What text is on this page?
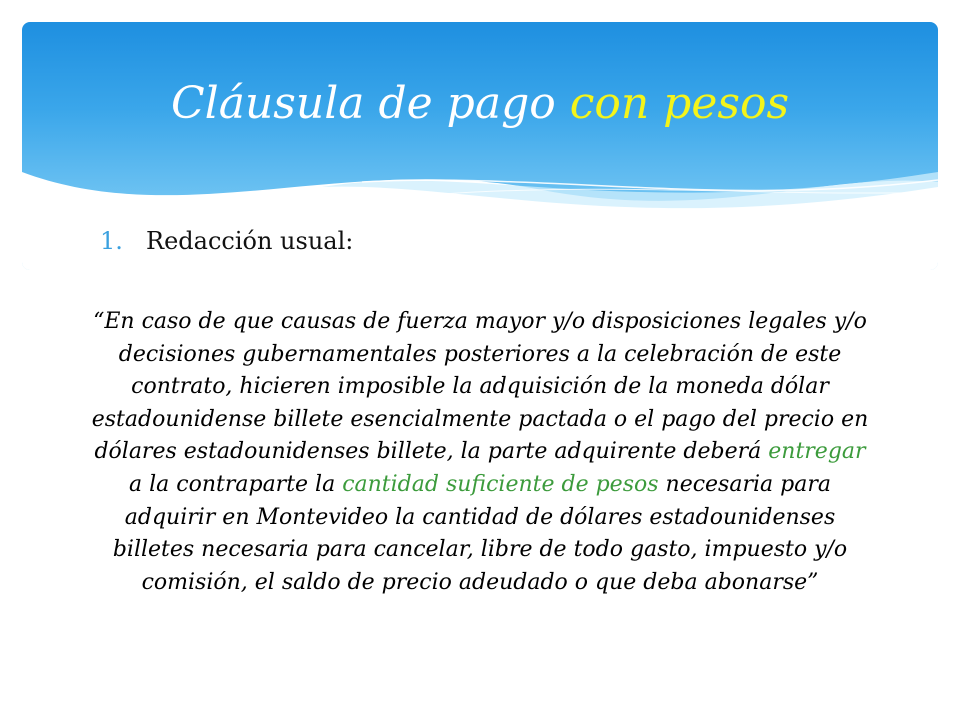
Cláusula de pago con pesos
1. Redacción usual:
“En caso de que causas de fuerza mayor y/o disposiciones legales y/o decisiones gubernamentales posteriores a la celebración de este contrato, hicieren imposible la adquisición de la moneda dólar estadounidense billete esencialmente pactada o el pago del precio en dólares estadounidenses billete, la parte adquirente deberá entregar a la contraparte la cantidad suficiente de pesos necesaria para adquirir en Montevideo la cantidad de dólares estadounidenses billetes necesaria para cancelar, libre de todo gasto, impuesto y/o comisión, el saldo de precio adeudado o que deba abonarse”
